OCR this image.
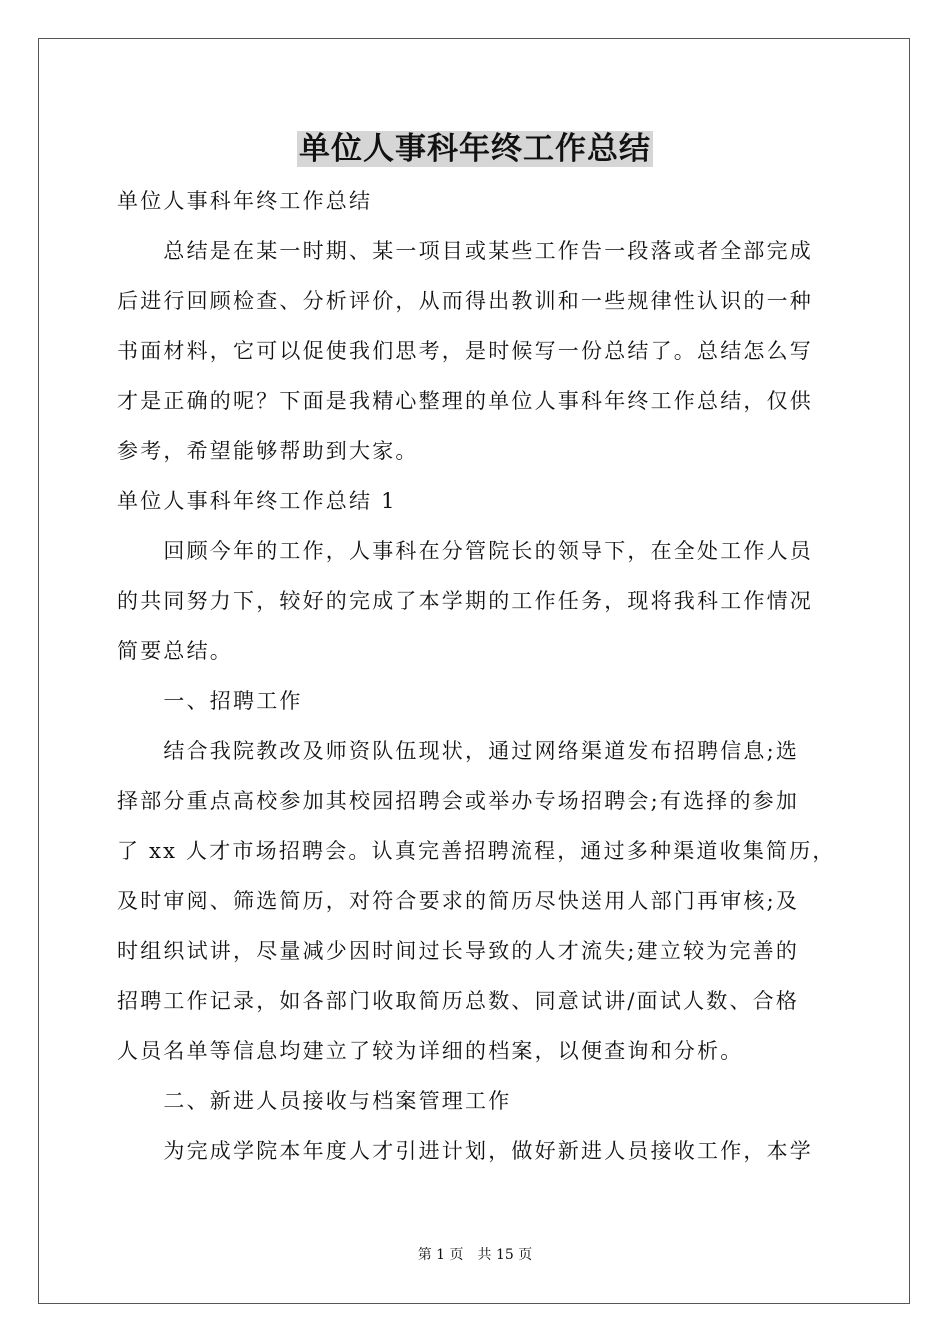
单位人事科年终工作总结

单位人事科年终工作总结

　　总结是在某一时期、某一项目或某些工作告一段落或者全部完成

后进行回顾检查、分析评价，从而得出教训和一些规律性认识的一种

书面材料，它可以促使我们思考，是时候写一份总结了。总结怎么写

才是正确的呢？下面是我精心整理的单位人事科年终工作总结，仅供

参考，希望能够帮助到大家。

单位人事科年终工作总结 1

　　回顾今年的工作，人事科在分管院长的领导下，在全处工作人员

的共同努力下，较好的完成了本学期的工作任务，现将我科工作情况

简要总结。

　　一、招聘工作

　　结合我院教改及师资队伍现状，通过网络渠道发布招聘信息;选

择部分重点高校参加其校园招聘会或举办专场招聘会;有选择的参加

了 xx 人才市场招聘会。认真完善招聘流程，通过多种渠道收集简历，

及时审阅、筛选简历，对符合要求的简历尽快送用人部门再审核;及

时组织试讲，尽量减少因时间过长导致的人才流失;建立较为完善的

招聘工作记录，如各部门收取简历总数、同意试讲/面试人数、合格

人员名单等信息均建立了较为详细的档案，以便查询和分析。

　　二、新进人员接收与档案管理工作

　　为完成学院本年度人才引进计划，做好新进人员接收工作，本学

第 1 页 共 15 页
